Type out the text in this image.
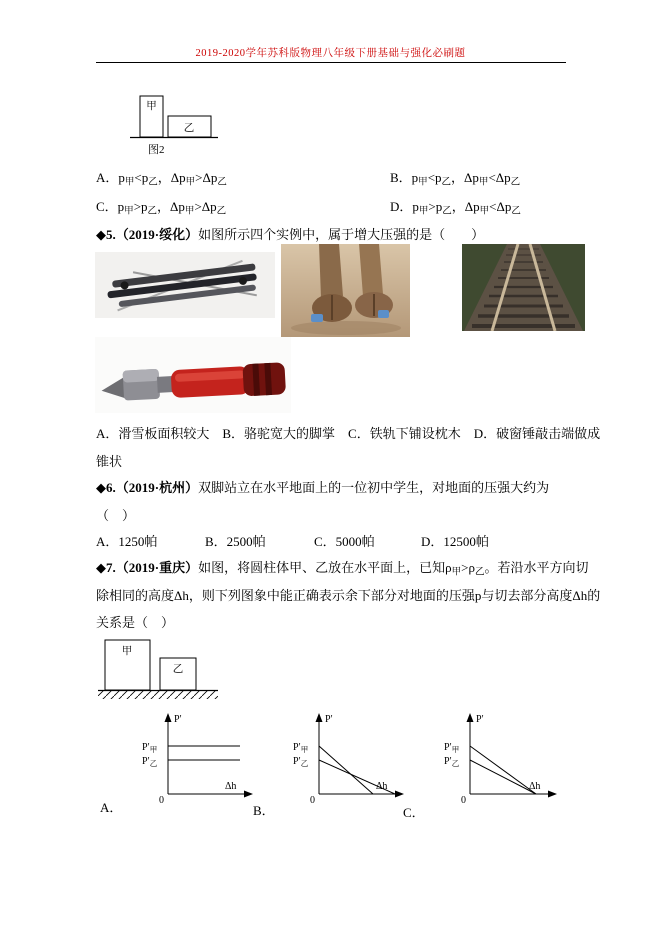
2019-2020学年苏科版物理八年级下册基础与强化必刷题
甲
乙
图2
A．$p_甲<p_乙$，$\Delta p_甲>\Delta p_乙$	B．$p_甲<p_乙$，$\Delta p_甲<\Delta p_乙$
C．$p_甲>p_乙$，$\Delta p_甲>\Delta p_乙$	D．$p_甲>p_乙$，$\Delta p_甲<\Delta p_乙$
◆5.（2019·绥化）如图所示四个实例中，属于增大压强的是（　　）
A．滑雪板面积较大　B．骆驼宽大的脚掌　C．铁轨下铺设枕木　D．破窗锤敲击端做成
锥状
◆6.（2019·杭州）双脚站立在水平地面上的一位初中学生，对地面的压强大约为
（　）
A．1250帕	B．2500帕	C．5000帕	D．12500帕
◆7.（2019·重庆）如图，将圆柱体甲、乙放在水平面上，已知$\rho_甲>\rho_乙$。若沿水平方向切
除相同的高度Δh，则下列图象中能正确表示余下部分对地面的压强p与切去部分高度Δh的
关系是（　）
甲
乙
P′
Δh
0
$P'_甲$
$P'_乙$
P′
Δh
0
$P'_甲$
$P'_乙$
P′
Δh
0
$P'_甲$
$P'_乙$
A．	B．	C．
